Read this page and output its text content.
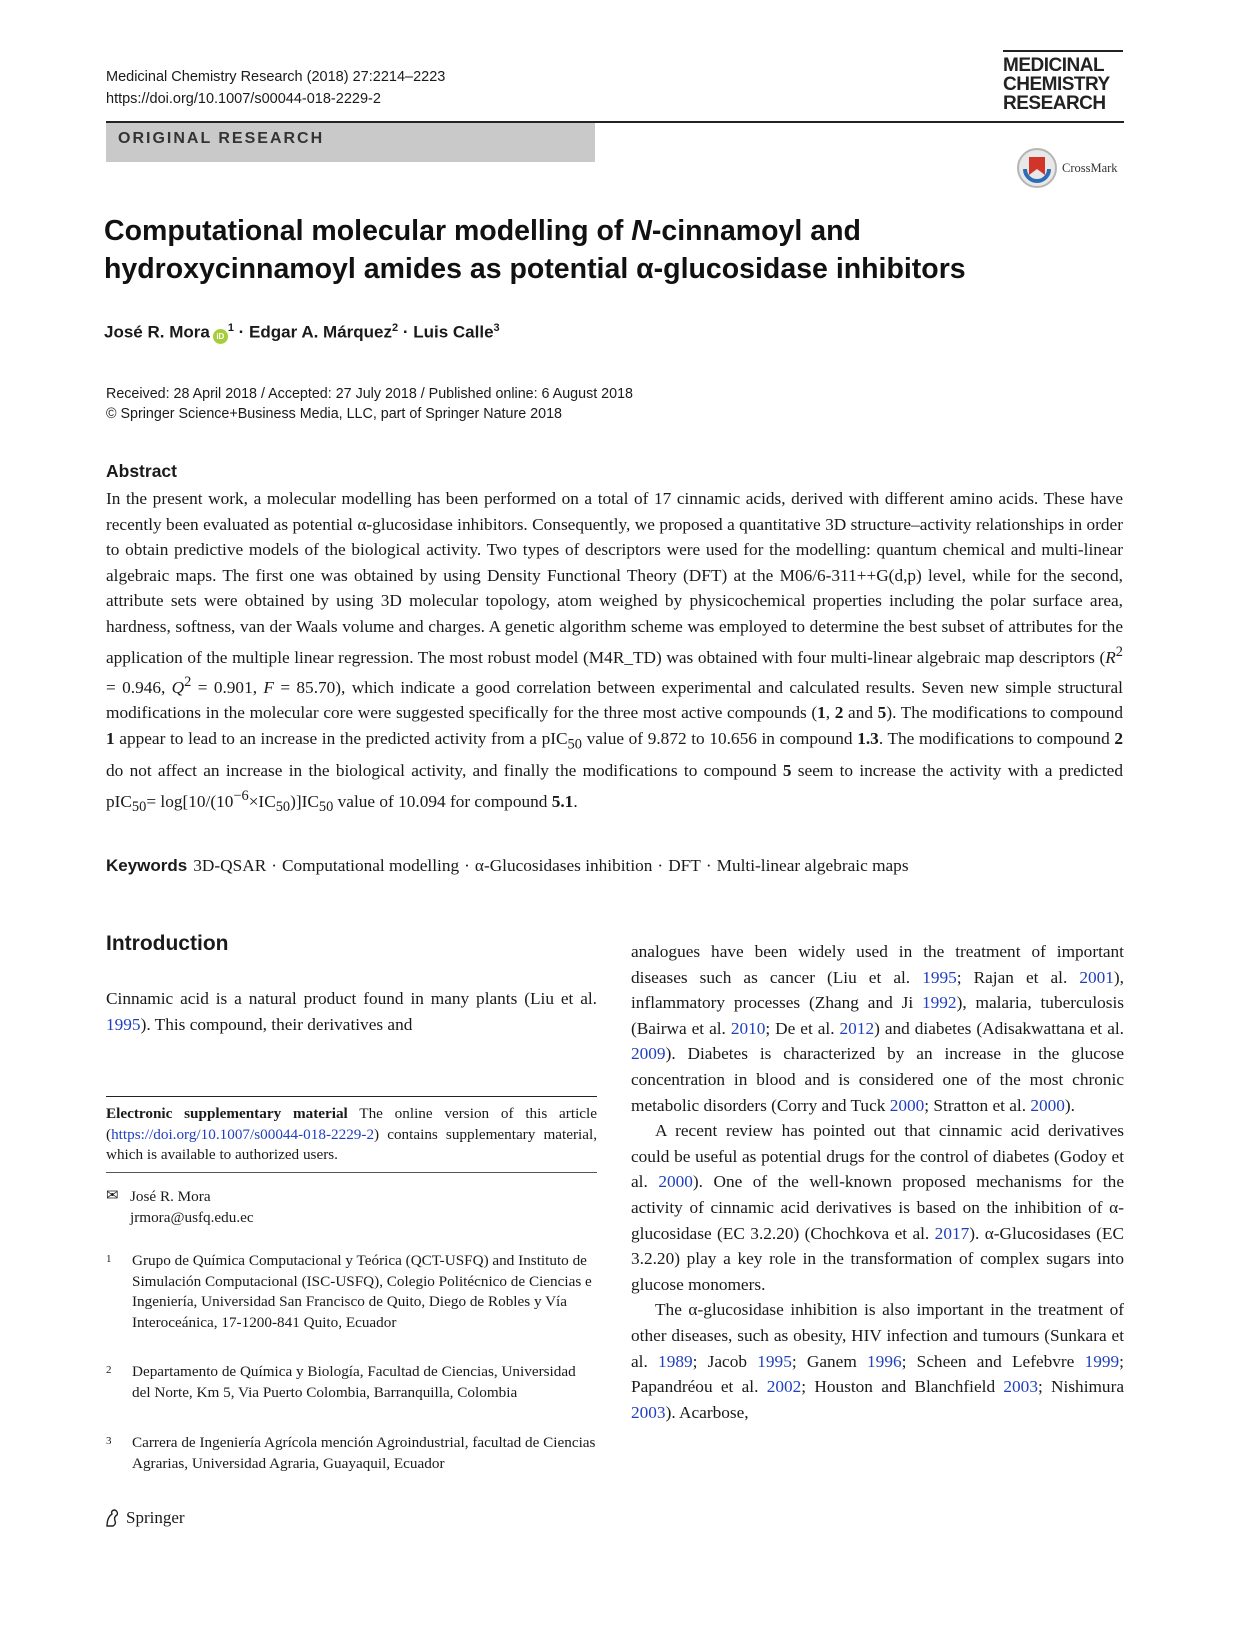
Medicinal Chemistry Research (2018) 27:2214–2223
https://doi.org/10.1007/s00044-018-2229-2
MEDICINAL
CHEMISTRY
RESEARCH
ORIGINAL RESEARCH
CrossMark
Computational molecular modelling of N-cinnamoyl and
hydroxycinnamoyl amides as potential α-glucosidase inhibitors
José R. Mora $iD^1$ · Edgar A. Márquez$^2$ · Luis Calle$^3$
Received: 28 April 2018 / Accepted: 27 July 2018 / Published online: 6 August 2018
© Springer Science+Business Media, LLC, part of Springer Nature 2018
Abstract
In the present work, a molecular modelling has been performed on a total of 17 cinnamic acids, derived with different amino acids. These have recently been evaluated as potential α-glucosidase inhibitors. Consequently, we proposed a quantitative 3D structure–activity relationships in order to obtain predictive models of the biological activity. Two types of descriptors were used for the modelling: quantum chemical and multi-linear algebraic maps. The first one was obtained by using Density Functional Theory (DFT) at the M06/6-311++G(d,p) level, while for the second, attribute sets were obtained by using 3D molecular topology, atom weighed by physicochemical properties including the polar surface area, hardness, softness, van der Waals volume and charges. A genetic algorithm scheme was employed to determine the best subset of attributes for the application of the multiple linear regression. The most robust model (M4R_TD) was obtained with four multi-linear algebraic map descriptors ($R^2 = 0.946$, $Q^2 = 0.901$, F = 85.70), which indicate a good correlation between experimental and calculated results. Seven new simple structural modifications in the molecular core were suggested specifically for the three most active compounds (1, 2 and 5). The modifications to compound 1 appear to lead to an increase in the predicted activity from a pIC$_{50}$ value of 9.872 to 10.656 in compound 1.3. The modifications to compound 2 do not affect an increase in the biological activity, and finally the modifications to compound 5 seem to increase the activity with a predicted $pIC_{50}= \log[10/(10^{-6}\times IC_{50})]IC_{50}$ value of 10.094 for compound 5.1.
Keywords 3D-QSAR · Computational modelling · α-Glucosidases inhibition · DFT · Multi-linear algebraic maps
Introduction
Cinnamic acid is a natural product found in many plants (Liu et al. 1995). This compound, their derivatives and
Electronic supplementary material The online version of this article (https://doi.org/10.1007/s00044-018-2229-2) contains supplementary material, which is available to authorized users.
✉ José R. Mora
jrmora@usfq.edu.ec
1 Grupo de Química Computacional y Teórica (QCT-USFQ) and Instituto de Simulación Computacional (ISC-USFQ), Colegio Politécnico de Ciencias e Ingeniería, Universidad San Francisco de Quito, Diego de Robles y Vía Interoceánica, 17-1200-841 Quito, Ecuador
2 Departamento de Química y Biología, Facultad de Ciencias, Universidad del Norte, Km 5, Via Puerto Colombia, Barranquilla, Colombia
3 Carrera de Ingeniería Agrícola mención Agroindustrial, facultad de Ciencias Agrarias, Universidad Agraria, Guayaquil, Ecuador
Springer

analogues have been widely used in the treatment of important diseases such as cancer (Liu et al. 1995; Rajan et al. 2001), inflammatory processes (Zhang and Ji 1992), malaria, tuberculosis (Bairwa et al. 2010; De et al. 2012) and diabetes (Adisakwattana et al. 2009). Diabetes is characterized by an increase in the glucose concentration in blood and is considered one of the most chronic metabolic disorders (Corry and Tuck 2000; Stratton et al. 2000).

A recent review has pointed out that cinnamic acid derivatives could be useful as potential drugs for the control of diabetes (Godoy et al. 2000). One of the well-known proposed mechanisms for the activity of cinnamic acid derivatives is based on the inhibition of α-glucosidase (EC 3.2.20) (Chochkova et al. 2017). α-Glucosidases (EC 3.2.20) play a key role in the transformation of complex sugars into glucose monomers.

The α-glucosidase inhibition is also important in the treatment of other diseases, such as obesity, HIV infection and tumours (Sunkara et al. 1989; Jacob 1995; Ganem 1996; Scheen and Lefebvre 1999; Papandréou et al. 2002; Houston and Blanchfield 2003; Nishimura 2003). Acarbose,
